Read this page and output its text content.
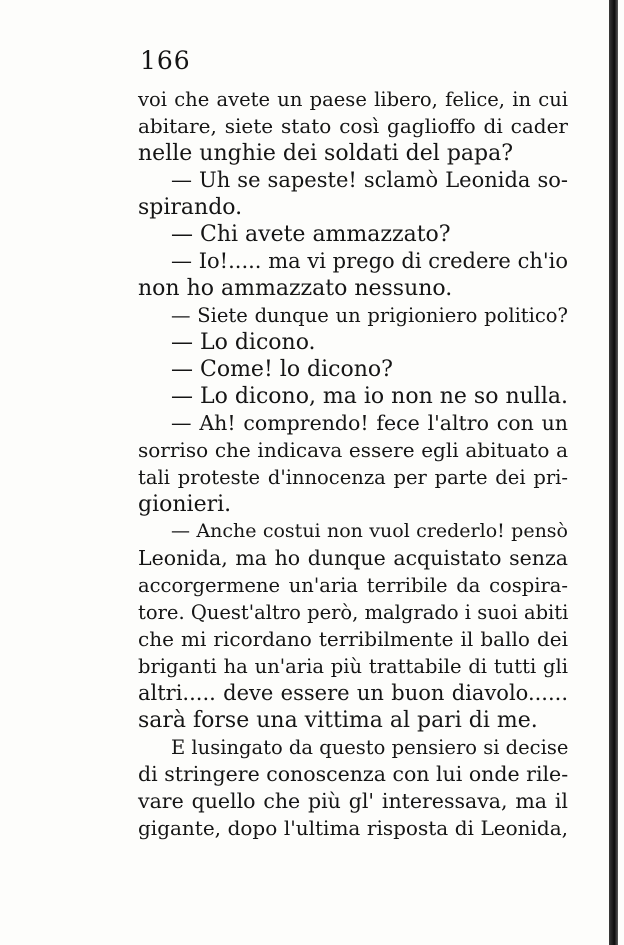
166
voi che avete un paese libero, felice, in cui
abitare, siete stato così gaglioffo di cader
nelle unghie dei soldati del papa?
— Uh se sapeste! sclamò Leonida so-
spirando.
— Chi avete ammazzato?
— Io!..... ma vi prego di credere ch'io
non ho ammazzato nessuno.
— Siete dunque un prigioniero politico?
— Lo dicono.
— Come! lo dicono?
— Lo dicono, ma io non ne so nulla.
— Ah! comprendo! fece l'altro con un
sorriso che indicava essere egli abituato a
tali proteste d'innocenza per parte dei pri-
gionieri.
— Anche costui non vuol crederlo! pensò
Leonida, ma ho dunque acquistato senza
accorgermene un'aria terribile da cospira-
tore. Quest'altro però, malgrado i suoi abiti
che mi ricordano terribilmente il ballo dei
briganti ha un'aria più trattabile di tutti gli
altri..... deve essere un buon diavolo......
sarà forse una vittima al pari di me.
E lusingato da questo pensiero si decise
di stringere conoscenza con lui onde rile-
vare quello che più gl' interessava, ma il
gigante, dopo l'ultima risposta di Leonida,
